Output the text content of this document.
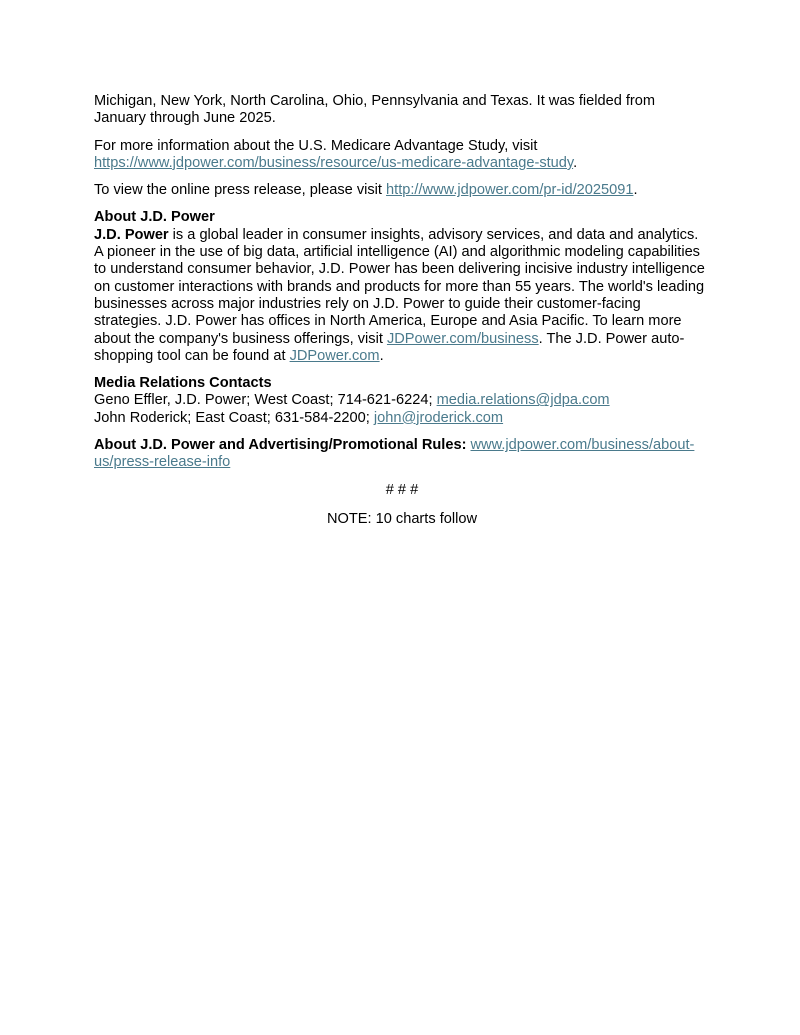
Michigan, New York, North Carolina, Ohio, Pennsylvania and Texas. It was fielded from January through June 2025.

For more information about the U.S. Medicare Advantage Study, visit
https://www.jdpower.com/business/resource/us-medicare-advantage-study.

To view the online press release, please visit http://www.jdpower.com/pr-id/2025091.

About J.D. Power
J.D. Power is a global leader in consumer insights, advisory services, and data and analytics. A pioneer in the use of big data, artificial intelligence (AI) and algorithmic modeling capabilities to understand consumer behavior, J.D. Power has been delivering incisive industry intelligence on customer interactions with brands and products for more than 55 years. The world's leading businesses across major industries rely on J.D. Power to guide their customer-facing strategies. J.D. Power has offices in North America, Europe and Asia Pacific. To learn more about the company's business offerings, visit JDPower.com/business. The J.D. Power auto-shopping tool can be found at JDPower.com.

Media Relations Contacts
Geno Effler, J.D. Power; West Coast; 714-621-6224; media.relations@jdpa.com
John Roderick; East Coast; 631-584-2200; john@jroderick.com

About J.D. Power and Advertising/Promotional Rules: www.jdpower.com/business/about-us/press-release-info

# # #

NOTE: 10 charts follow
